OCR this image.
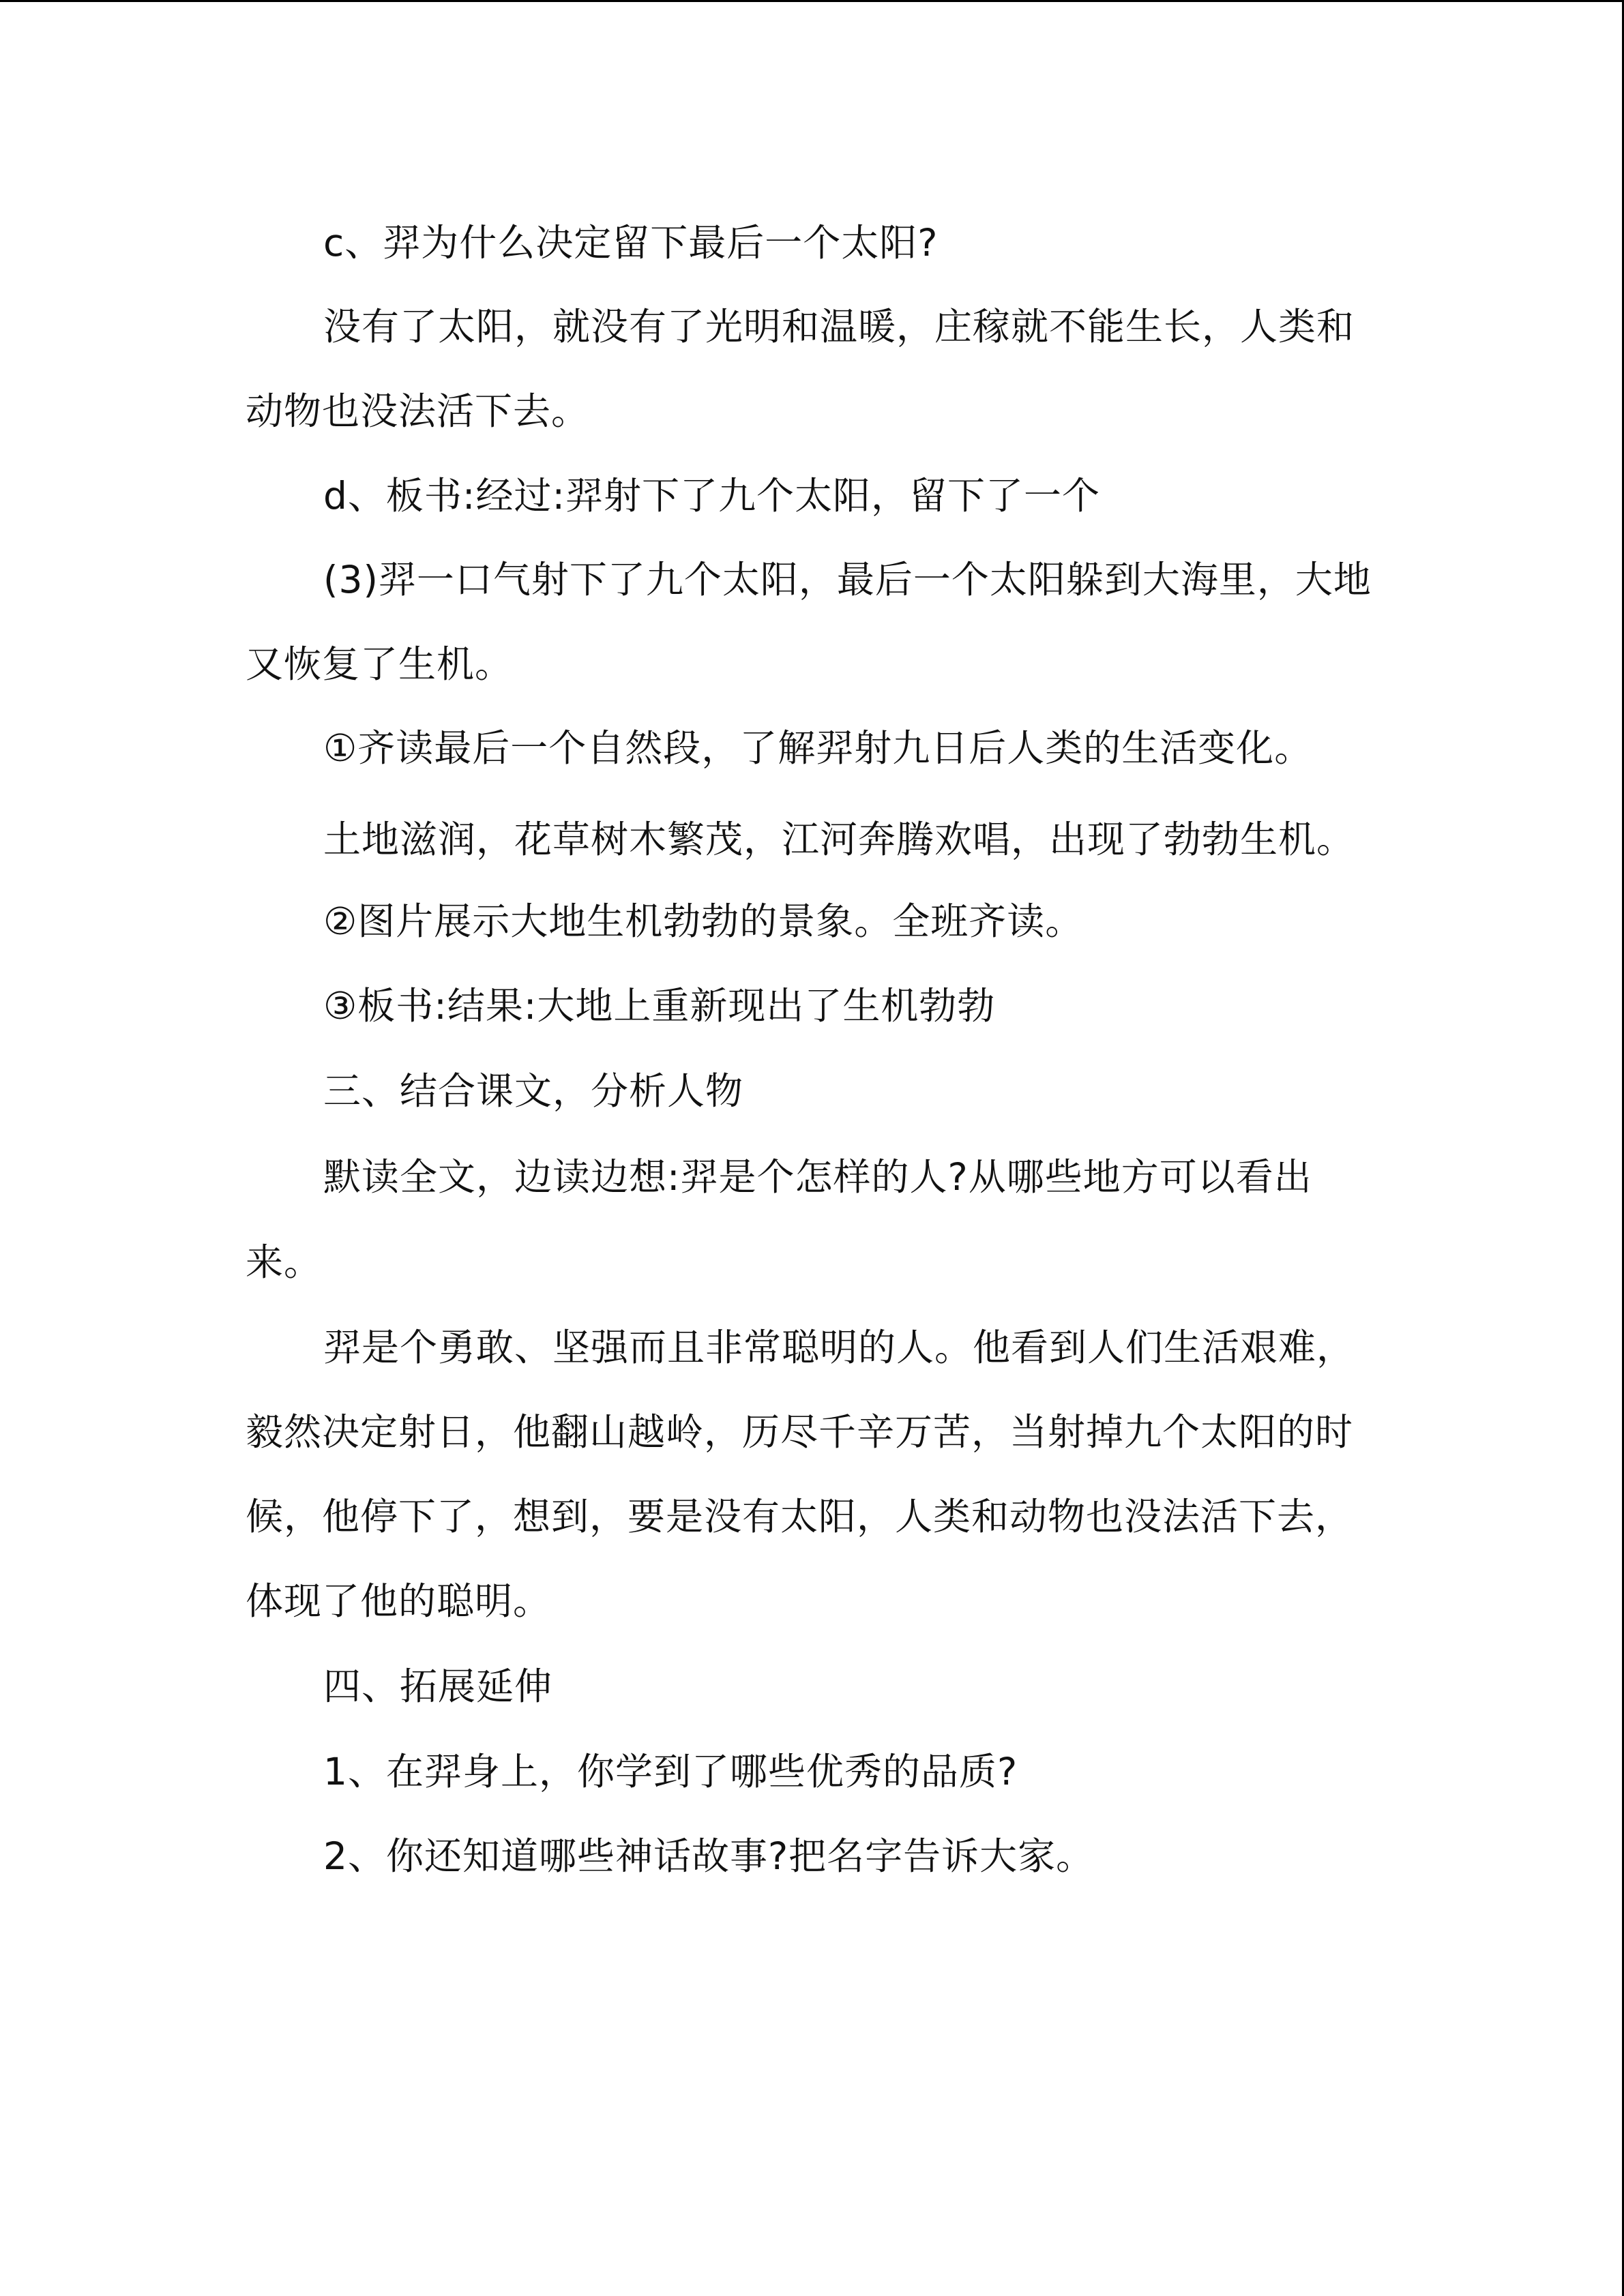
c、羿为什么决定留下最后一个太阳?
没有了太阳，就没有了光明和温暖，庄稼就不能生长，人类和
动物也没法活下去。
d、板书:经过:羿射下了九个太阳，留下了一个
(3)羿一口气射下了九个太阳，最后一个太阳躲到大海里，大地
又恢复了生机。
①齐读最后一个自然段，了解羿射九日后人类的生活变化。
土地滋润，花草树木繁茂，江河奔腾欢唱，出现了勃勃生机。
②图片展示大地生机勃勃的景象。全班齐读。
③板书:结果:大地上重新现出了生机勃勃
三、结合课文，分析人物
默读全文，边读边想:羿是个怎样的人?从哪些地方可以看出
来。
羿是个勇敢、坚强而且非常聪明的人。他看到人们生活艰难，
毅然决定射日，他翻山越岭，历尽千辛万苦，当射掉九个太阳的时
候，他停下了，想到，要是没有太阳，人类和动物也没法活下去，
体现了他的聪明。
四、拓展延伸
1、在羿身上，你学到了哪些优秀的品质?
2、你还知道哪些神话故事?把名字告诉大家。
